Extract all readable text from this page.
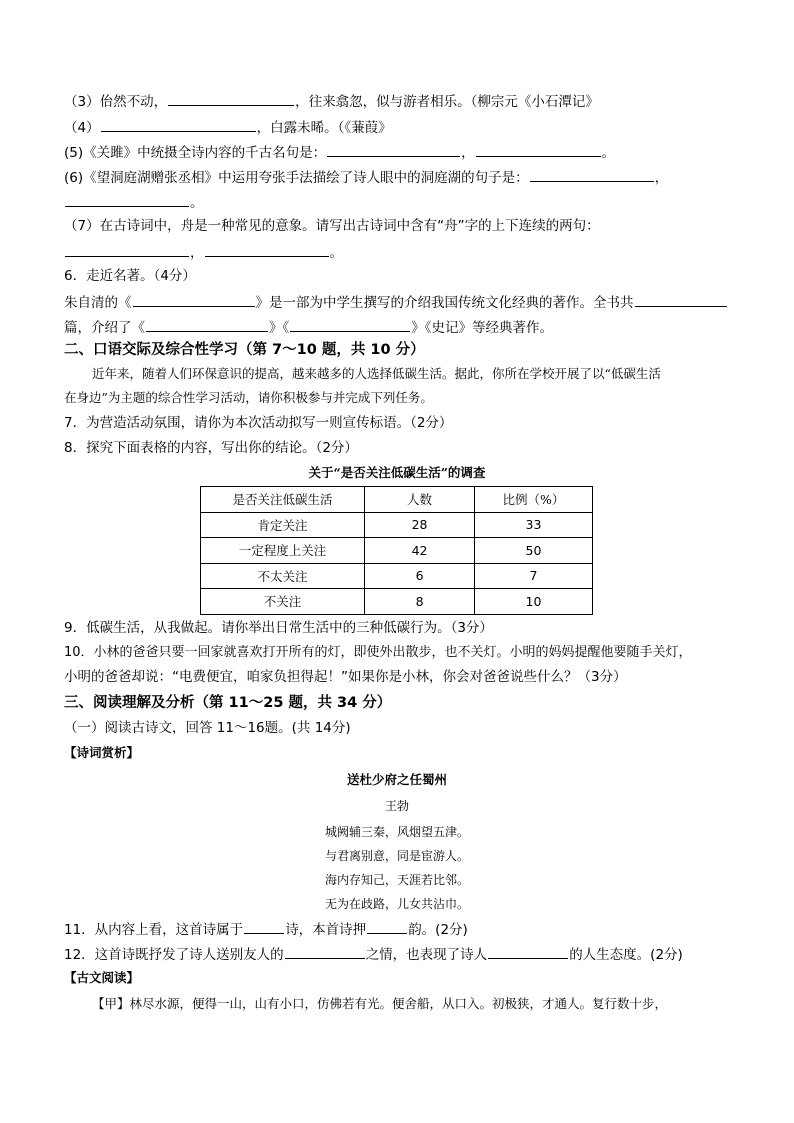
（3）佁然不动，	，往来翕忽，似与游者相乐。（柳宗元《小石潭记》
（4）	，白露未晞。（《蒹葭》
(5)《关雎》中统摄全诗内容的千古名句是：	，	。
(6)《望洞庭湖赠张丞相》中运用夸张手法描绘了诗人眼中的洞庭湖的句子是：	，
。
（7）在古诗词中，舟是一种常见的意象。请写出古诗词中含有“舟”字的上下连续的两句：
，	。
6．走近名著。（4分）
朱自清的《	》是一部为中学生撰写的介绍我国传统文化经典的著作。全书共
篇，介绍了《	》《	》《史记》等经典著作。
二、口语交际及综合性学习（第 7～10 题，共 10 分）
近年来，随着人们环保意识的提高，越来越多的人选择低碳生活。据此，你所在学校开展了以“低碳生活
在身边”为主题的综合性学习活动，请你积极参与并完成下列任务。
7．为营造活动氛围，请你为本次活动拟写一则宣传标语。（2分）
8．探究下面表格的内容，写出你的结论。（2分）
关于“是否关注低碳生活”的调查
是否关注低碳生活	人数	比例（%）
肯定关注	28	33
一定程度上关注	42	50
不太关注	6	7
不关注	8	10
9．低碳生活，从我做起。请你举出日常生活中的三种低碳行为。（3分）
10．小林的爸爸只要一回家就喜欢打开所有的灯，即使外出散步，也不关灯。小明的妈妈提醒他要随手关灯，
小明的爸爸却说：“电费便宜，咱家负担得起！”如果你是小林，你会对爸爸说些什么？（3分）
三、阅读理解及分析（第 11～25 题，共 34 分）
（一）阅读古诗文，回答 11～16题。(共 14分)
【诗词赏析】
送杜少府之任蜀州
王勃
城阙辅三秦，风烟望五津。
与君离别意，同是宦游人。
海内存知己，天涯若比邻。
无为在歧路，儿女共沾巾。
11．从内容上看，这首诗属于	诗，本首诗押	韵。(2分)
12．这首诗既抒发了诗人送别友人的	之情，也表现了诗人	的人生态度。(2分)
【古文阅读】
【甲】林尽水源，便得一山，山有小口，仿佛若有光。便舍船，从口入。初极狭，才通人。复行数十步，
